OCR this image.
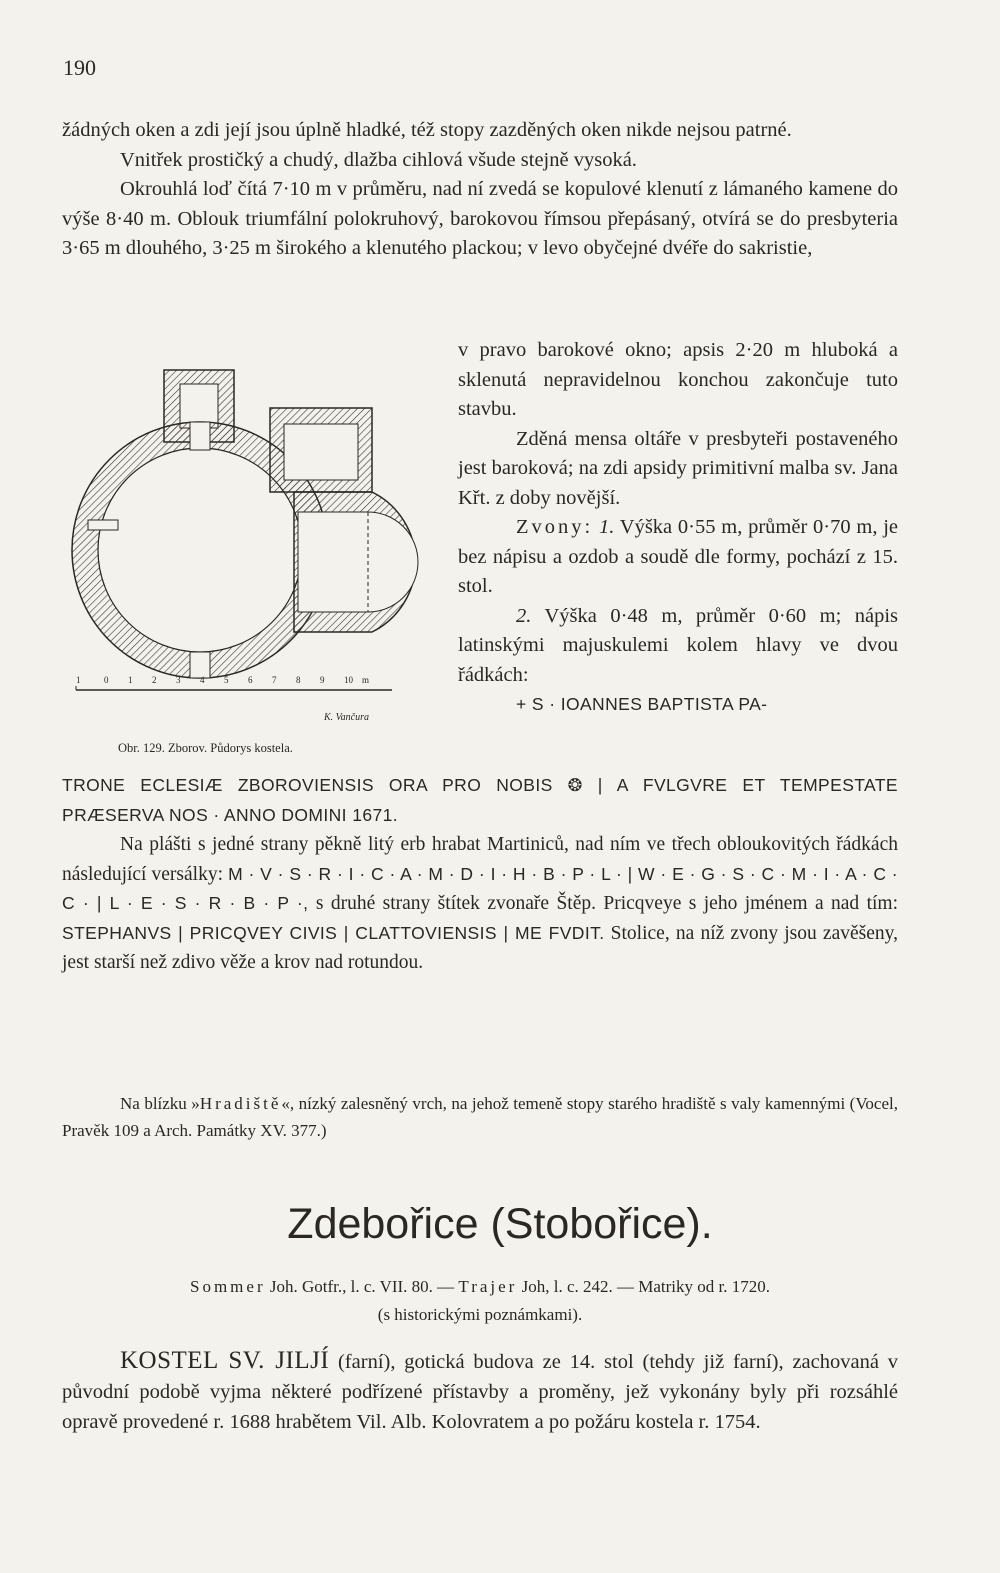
190

žádných oken a zdi její jsou úplně hladké, též stopy zazděných oken nikde nejsou patrné.

Vnitřek prostičký a chudý, dlažba cihlová všude stejně vysoká.

Okrouhlá loď čítá 7·10 m v průměru, nad ní zvedá se kopulové klenutí z lámaného kamene do výše 8·40 m. Oblouk triumfální polokruhový, barokovou římsou přepásaný, otvírá se do presbyteria 3·65 m dlouhého, 3·25 m širokého a klenutého plackou; v levo obyčejné dvéře do sakristie,

1	0 1 2 3 4 5 6 7 8 9 10 m
K. Vančura
Obr. 129. Zborov. Půdorys kostela.

v pravo barokové okno; apsis 2·20 m hluboká a sklenutá nepravidelnou konchou zakončuje tuto stavbu.

Zděná mensa oltáře v presbyteři postaveného jest baroková; na zdi apsidy primitivní malba sv. Jana Křt. z doby novější.

Zvony: 1. Výška 0·55 m, průměr 0·70 m, je bez nápisu a ozdob a soudě dle formy, pochází z 15. stol.

2. Výška 0·48 m, průměr 0·60 m; nápis latinskými majuskulemi kolem hlavy ve dvou řádkách:

+ S · IOANNES BAPTISTA PA-

TRONE ECLESIÆ ZBOROVIENSIS ORA PRO NOBIS ❂ | A FVLGVRE ET TEMPESTATE PRÆSERVA NOS · ANNO DOMINI 1671.

Na plášti s jedné strany pěkně litý erb hrabat Martiniců, nad ním ve třech obloukovitých řádkách následující versálky: M · V · S · R · I · C · A · M · D · I · H · B · P · L · | W · E · G · S · C · M · I · A · C · C · | L · E · S · R · B · P ·, s druhé strany štítek zvonaře Štěp. Pricqveye s jeho jménem a nad tím: STEPHANVS | PRICQVEY CIVIS | CLATTOVIENSIS | ME FVDIT. Stolice, na níž zvony jsou zavěšeny, jest starší než zdivo věže a krov nad rotundou.

Na blízku »Hradiště«, nízký zalesněný vrch, na jehož temeně stopy starého hradiště s valy kamennými (Vocel, Pravěk 109 a Arch. Památky XV. 377.)
Zdebořice (Stobořice).
Sommer Joh. Gotfr., l. c. VII. 80. — Trajer Joh, l. c. 242. — Matriky od r. 1720.
(s historickými poznámkami).
KOSTEL SV. JILJÍ (farní), gotická budova ze 14. stol (tehdy již farní), zachovaná v původní podobě vyjma některé podřízené přístavby a proměny, jež vykonány byly při rozsáhlé opravě provedené r. 1688 hrabětem Vil. Alb. Kolovratem a po požáru kostela r. 1754.
